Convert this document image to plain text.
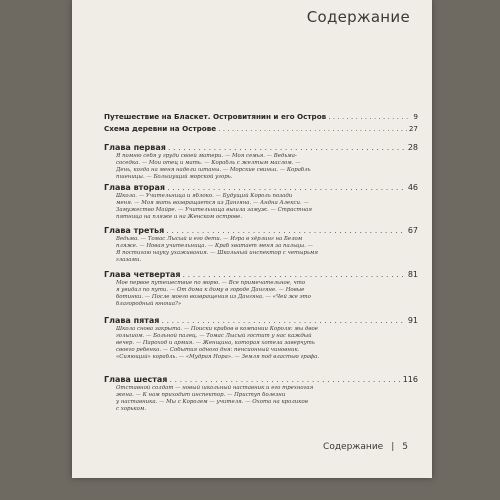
Содержание
Путешествие на Бласкет. Островитянин и его Остров . . .	9
Схема деревни на Острове . . .	27
Глава первая . . .	28
Я помню себя у груди своей матери. — Моя семья. — Ведьма-
соседка. — Мои отец и мать. — Корабль с желтым маслом. —
День, когда на меня надели штаны. — Морские свиньи. — Корабль
пшеницы. — Большущий морской угорь.
Глава вторая . . .	46
Школа. — Учительница и яблоко. — Будущий Король позади
меня. — Моя мать возвращается из Дангяна. — Андна Алекси. —
Замужество Майре. — Учительница вышла замуж. — Страстная
пятница на пляже и на Женском острове.
Глава третья . . .	67
Ведьма. — Томас Лысый и его дети. — Игра в хёрлинг на Белом
пляже. — Новая учительница. — Краб хватает меня за пальцы. —
Я постигаю науку ухаживания. — Школьный инспектор с четырьмя
глазами.
Глава четвертая . . .	81
Мое первое путешествие по морю. — Все примечательное, что
я увидал по пути. — От дома к дому в городе Дангяне. — Новые
ботинки. — После моего возвращения из Дангяна. — «Чей же это
благородный юноша?»
Глава пятая . . .	91
Школа снова закрыта. — Поиски крабов в компании Короля: мы двое
голышом. — Больной палец. — Томас Лысый гостит у нас каждый
вечер. — Пароход и армия. — Женщина, которая хотела заверчуть
своего ребенка. — События одного дня: пенсионный чиновник.
«Сияющий» корабль. — «Мудрая Нора». — Земля под властью графа.
Глава шестая . . .	116
Отставной солдат — новый школьный наставник и его трехногая
жена. — К нам приходит инспектор. — Приступ болезни
у наставника. — Мы с Королем — учителя. — Охота на кроликов
с хорьком.
Содержание | 5
